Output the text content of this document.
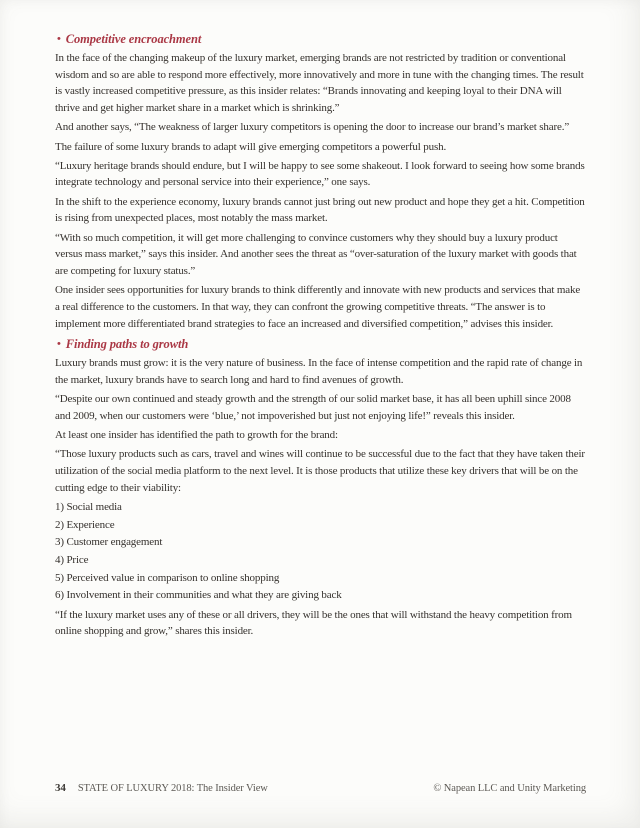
• Competitive encroachment

In the face of the changing makeup of the luxury market, emerging brands are not restricted by tradition or conventional wisdom and so are able to respond more effectively, more innovatively and more in tune with the changing times. The result is vastly increased competitive pressure, as this insider relates: “Brands innovating and keeping loyal to their DNA will thrive and get higher market share in a market which is shrinking.”

And another says, “The weakness of larger luxury competitors is opening the door to increase our brand’s market share.”

The failure of some luxury brands to adapt will give emerging competitors a powerful push.

“Luxury heritage brands should endure, but I will be happy to see some shakeout. I look forward to seeing how some brands integrate technology and personal service into their experience,” one says.

In the shift to the experience economy, luxury brands cannot just bring out new product and hope they get a hit. Competition is rising from unexpected places, most notably the mass market.

“With so much competition, it will get more challenging to convince customers why they should buy a luxury product versus mass market,” says this insider. And another sees the threat as “over-saturation of the luxury market with goods that are competing for luxury status.”

One insider sees opportunities for luxury brands to think differently and innovate with new products and services that make a real difference to the customers. In that way, they can confront the growing competitive threats. “The answer is to implement more differentiated brand strategies to face an increased and diversified competition,” advises this insider.

• Finding paths to growth

Luxury brands must grow: it is the very nature of business. In the face of intense competition and the rapid rate of change in the market, luxury brands have to search long and hard to find avenues of growth.

“Despite our own continued and steady growth and the strength of our solid market base, it has all been uphill since 2008 and 2009, when our customers were ‘blue,’ not impoverished but just not enjoying life!” reveals this insider.

At least one insider has identified the path to growth for the brand:

“Those luxury products such as cars, travel and wines will continue to be successful due to the fact that they have taken their utilization of the social media platform to the next level. It is those products that utilize these key drivers that will be on the cutting edge to their viability:

1) Social media

2) Experience

3) Customer engagement

4) Price

5) Perceived value in comparison to online shopping

6) Involvement in their communities and what they are giving back

“If the luxury market uses any of these or all drivers, they will be the ones that will withstand the heavy competition from online shopping and grow,” shares this insider.

34 STATE OF LUXURY 2018: The Insider View	© Napean LLC and Unity Marketing
